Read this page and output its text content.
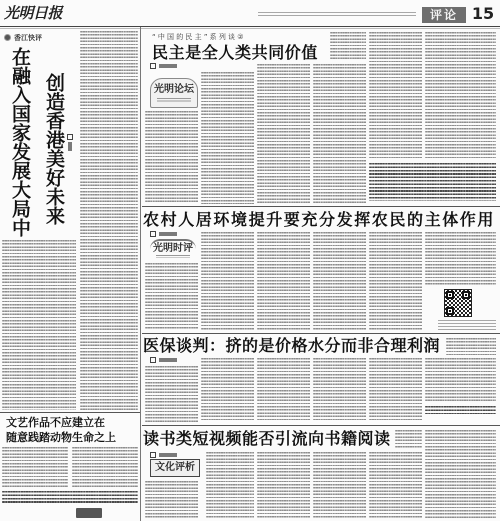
光明日报	评论 15
香江快评
在融入国家发展大局中 创造香港美好未来
文艺作品不应建立在
随意践踏动物生命之上
“中国的民主”系列谈②
民主是全人类共同价值
光明论坛
农村人居环境提升要充分发挥农民的主体作用
光明时评
医保谈判：挤的是价格水分而非合理利润
读书类短视频能否引流向书籍阅读
文化评析
